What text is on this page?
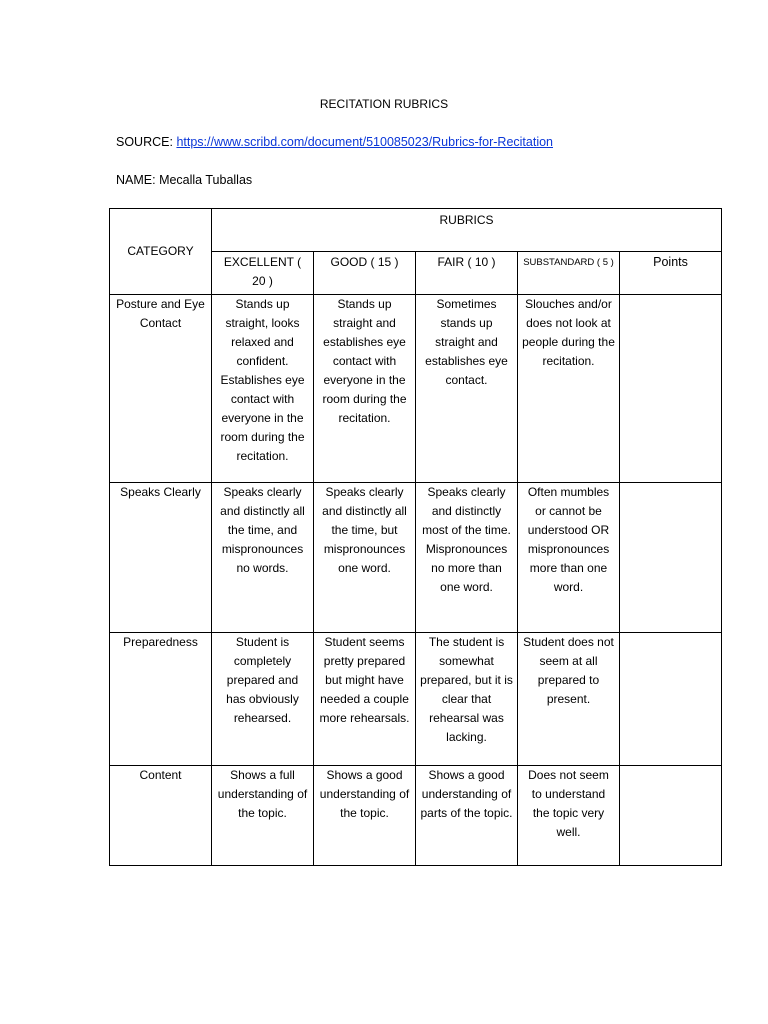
RECITATION RUBRICS
SOURCE: https://www.scribd.com/document/510085023/Rubrics-for-Recitation
NAME: Mecalla Tuballas
CATEGORY	RUBRICS				
	EXCELLENT ( 20 )	GOOD ( 15 )	FAIR ( 10 )	SUBSTANDARD ( 5 )	Points
Posture and Eye Contact	Stands up straight, looks relaxed and confident. Establishes eye contact with everyone in the room during the recitation.	Stands up straight and establishes eye contact with everyone in the room during the recitation.	Sometimes stands up straight and establishes eye contact.	Slouches and/or does not look at people during the recitation.	
Speaks Clearly	Speaks clearly and distinctly all the time, and mispronounces no words.	Speaks clearly and distinctly all the time, but mispronounces one word.	Speaks clearly and distinctly most of the time. Mispronounces no more than one word.	Often mumbles or cannot be understood OR mispronounces more than one word.	
Preparedness	Student is completely prepared and has obviously rehearsed.	Student seems pretty prepared but might have needed a couple more rehearsals.	The student is somewhat prepared, but it is clear that rehearsal was lacking.	Student does not seem at all prepared to present.	
Content	Shows a full understanding of the topic.	Shows a good understanding of the topic.	Shows a good understanding of parts of the topic.	Does not seem to understand the topic very well.	
